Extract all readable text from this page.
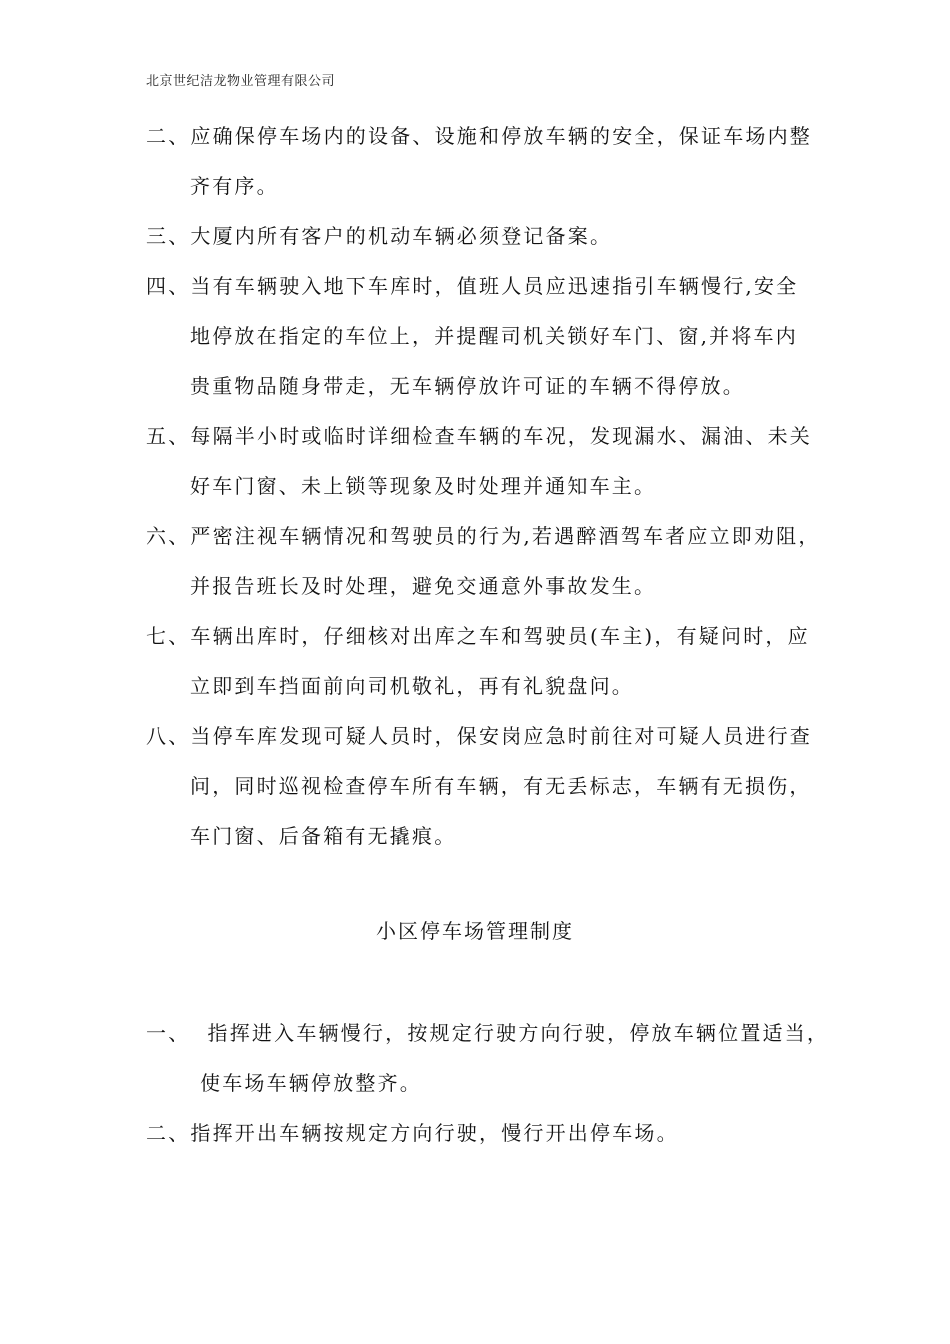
北京世纪洁龙物业管理有限公司
二、应确保停车场内的设备、设施和停放车辆的安全，保证车场内整
齐有序。
三、大厦内所有客户的机动车辆必须登记备案。
四、当有车辆驶入地下车库时，值班人员应迅速指引车辆慢行,安全
地停放在指定的车位上，并提醒司机关锁好车门、窗,并将车内
贵重物品随身带走，无车辆停放许可证的车辆不得停放。
五、每隔半小时或临时详细检查车辆的车况，发现漏水、漏油、未关
好车门窗、未上锁等现象及时处理并通知车主。
六、严密注视车辆情况和驾驶员的行为,若遇醉酒驾车者应立即劝阻，
并报告班长及时处理，避免交通意外事故发生。
七、车辆出库时，仔细核对出库之车和驾驶员(车主)，有疑问时，应
立即到车挡面前向司机敬礼，再有礼貌盘问。
八、当停车库发现可疑人员时，保安岗应急时前往对可疑人员进行查
问，同时巡视检查停车所有车辆，有无丢标志，车辆有无损伤，
车门窗、后备箱有无撬痕。
小区停车场管理制度
一、  指挥进入车辆慢行，按规定行驶方向行驶，停放车辆位置适当，
使车场车辆停放整齐。
二、指挥开出车辆按规定方向行驶，慢行开出停车场。
